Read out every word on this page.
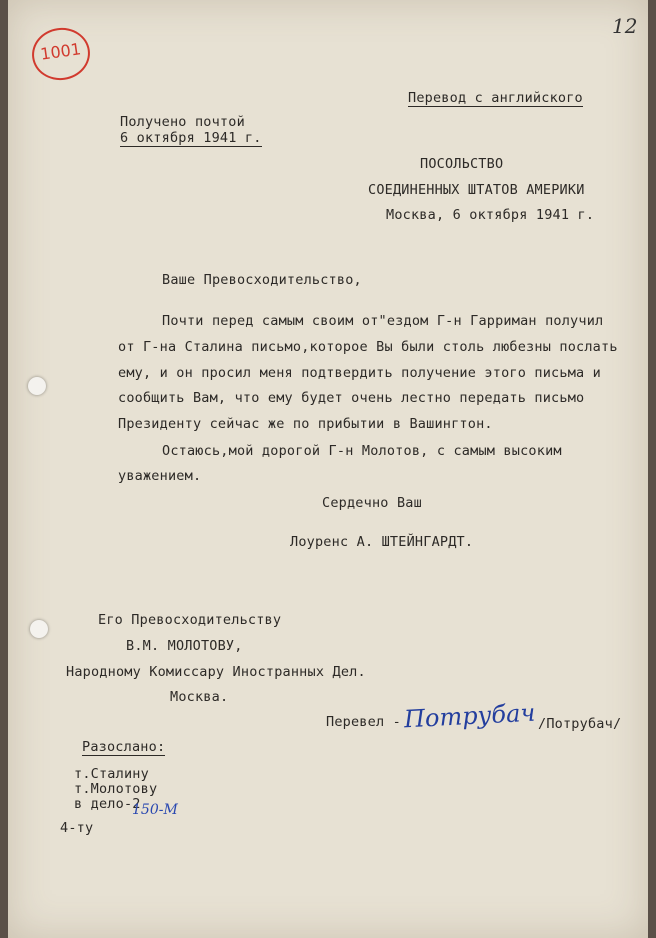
1001
12
Перевод с английского
Получено почтой
6 октября 1941 г.
ПОСОЛЬСТВО
СОЕДИНЕННЫХ ШТАТОВ АМЕРИКИ
Москва, 6 октября 1941 г.
Ваше Превосходительство,
Почти перед самым своим от"ездом Г-н Гарриман получил
от Г-на Сталина письмо,которое Вы были столь любезны послать
ему, и он просил меня подтвердить получение этого письма и
сообщить Вам, что ему будет очень лестно передать письмо
Президенту сейчас же по прибытии в Вашингтон.
Остаюсь,мой дорогой Г-н Молотов, с самым высоким
уважением.
Сердечно Ваш
Лоуренс А. ШТЕЙНГАРДТ.
Его Превосходительству
В.М. МОЛОТОВУ,
Народному Комиссару Иностранных Дел.
Москва.
Перевел - Потрубач /Потрубач/
Разослано:
т.Сталину
т.Молотову
в дело-2
150-М
4-ту
